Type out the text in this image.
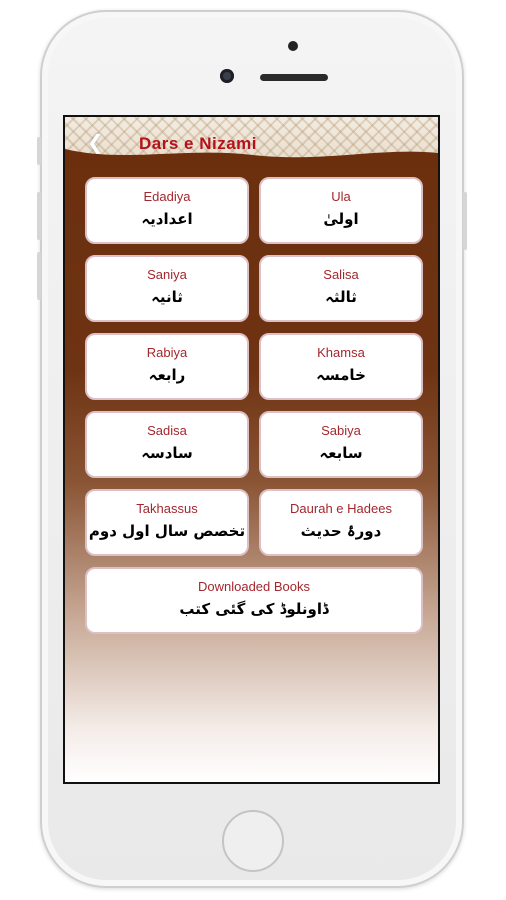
❮ Dars e Nizami
Edadiya
اعدادیہ
Ula
اولیٰ
Saniya
ثانیہ
Salisa
ثالثہ
Rabiya
رابعہ
Khamsa
خامسہ
Sadisa
سادسہ
Sabiya
سابعہ
Takhassus
تخصص سال اول دوم
Daurah e Hadees
دورۂ حدیث
Downloaded Books
ڈاونلوڈ کی گئی کتب
